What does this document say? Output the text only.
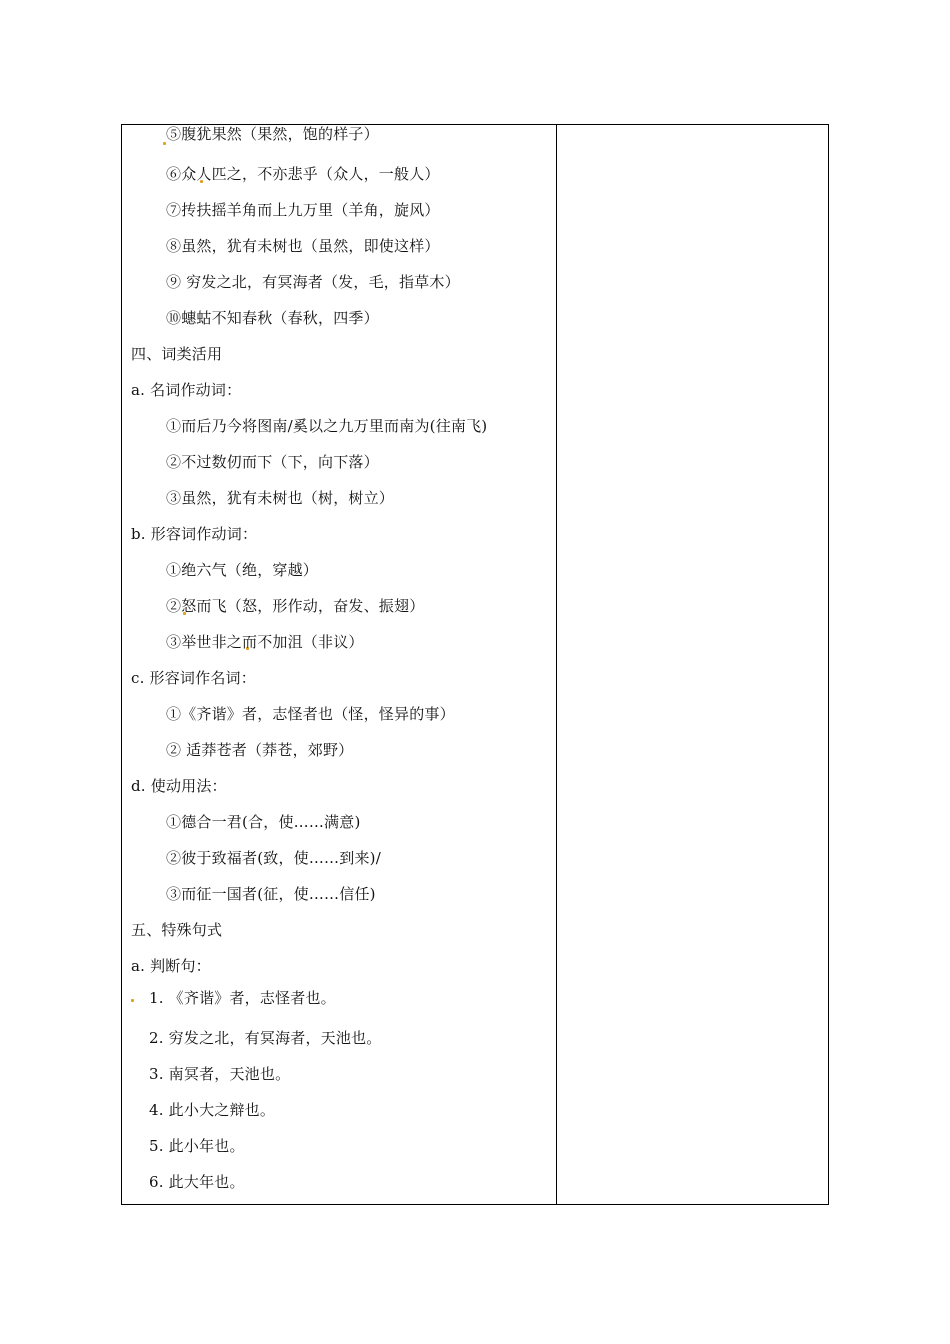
⑤腹犹果然（果然，饱的样子）
⑥众人匹之，不亦悲乎（众人，一般人）
⑦抟扶摇羊角而上九万里（羊角，旋风）
⑧虽然，犹有未树也（虽然，即使这样）
⑨ 穷发之北，有冥海者（发，毛，指草木）
⑩蟪蛄不知春秋（春秋，四季）
四、词类活用
a. 名词作动词：
①而后乃今将图南/奚以之九万里而南为(往南飞)
②不过数仞而下（下，向下落）
③虽然，犹有未树也（树，树立）
b. 形容词作动词：
①绝六气（绝，穿越）
②怒而飞（怒，形作动，奋发、振翅）
③举世非之而不加沮（非议）
c. 形容词作名词：
①《齐谐》者，志怪者也（怪，怪异的事）
② 适莽苍者（莽苍，郊野）
d. 使动用法：
①德合一君(合，使……满意)
②彼于致福者(致，使……到来)/
③而征一国者(征，使……信任)
五、特殊句式
a. 判断句：
1. 《齐谐》者，志怪者也。
2. 穷发之北，有冥海者，天池也。
3. 南冥者，天池也。
4. 此小大之辩也。
5. 此小年也。
6. 此大年也。
